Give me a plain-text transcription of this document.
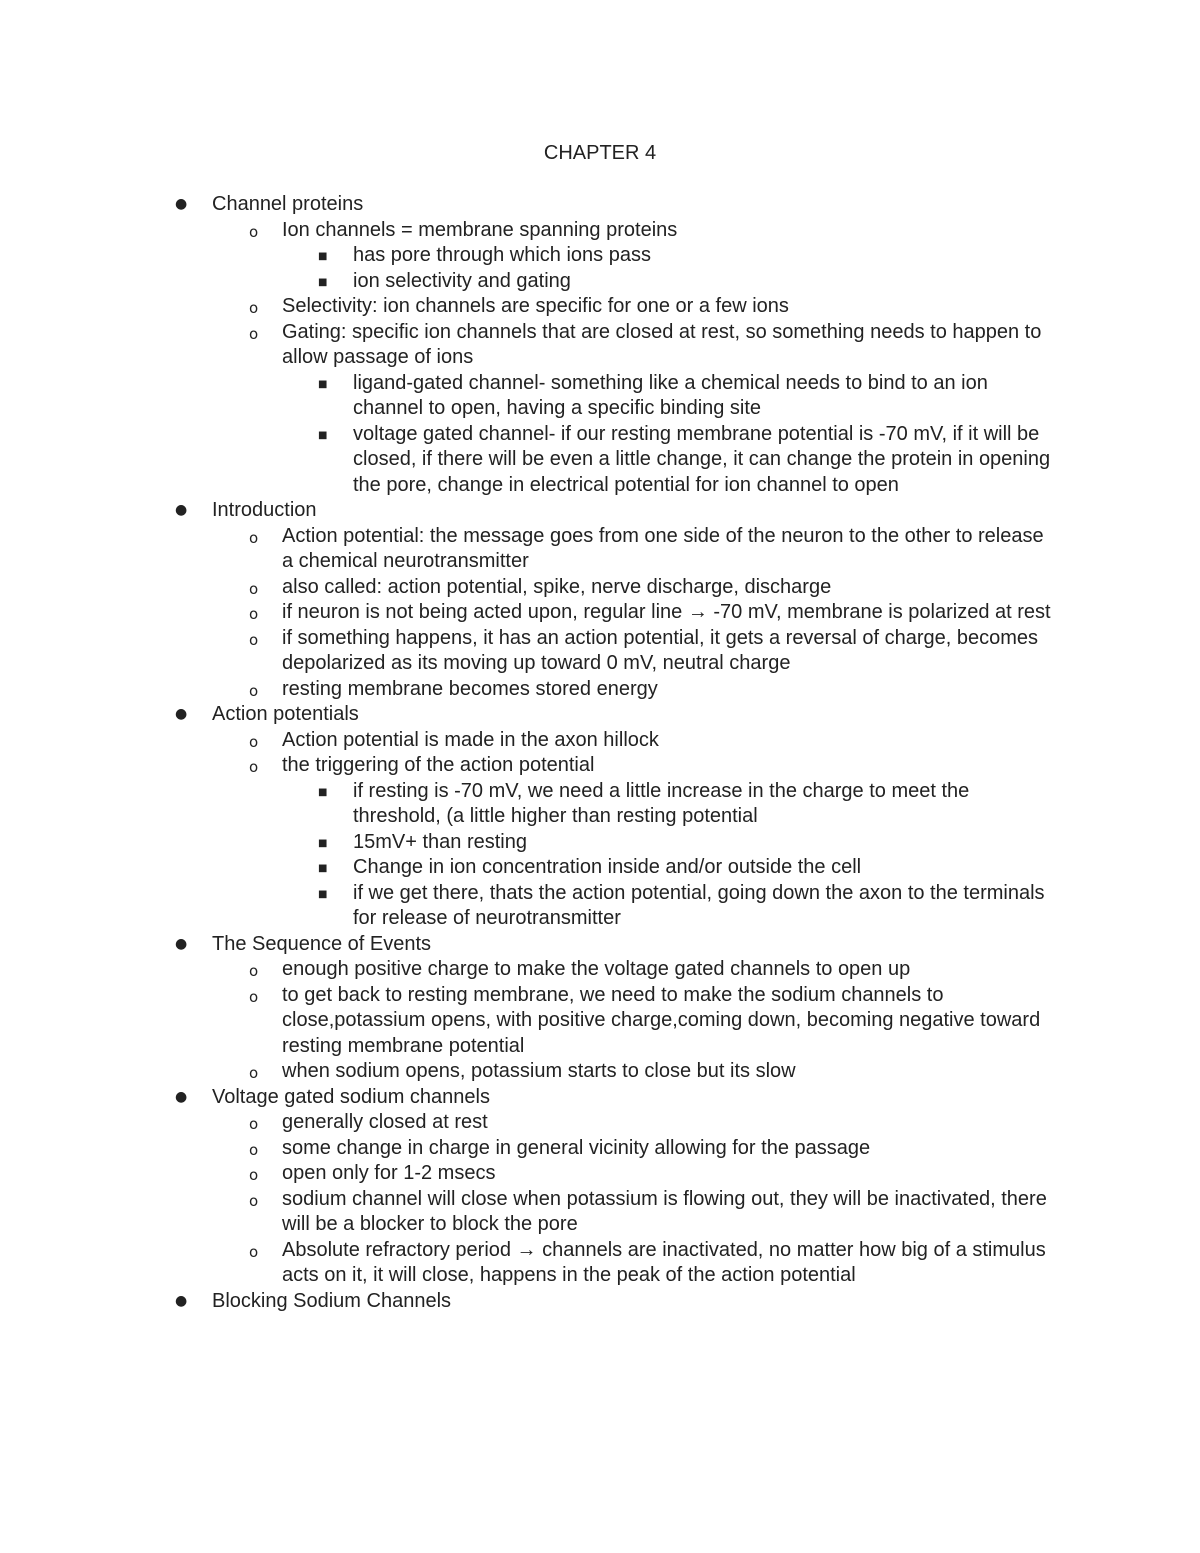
CHAPTER 4
● Channel proteins
o Ion channels = membrane spanning proteins
■ has pore through which ions pass
■ ion selectivity and gating
o Selectivity: ion channels are specific for one or a few ions
o Gating: specific ion channels that are closed at rest, so something needs to happen to allow passage of ions
■ ligand-gated channel- something like a chemical needs to bind to an ion channel to open, having a specific binding site
■ voltage gated channel- if our resting membrane potential is -70 mV, if it will be closed, if there will be even a little change, it can change the protein in opening the pore, change in electrical potential for ion channel to open
● Introduction
o Action potential: the message goes from one side of the neuron to the other to release a chemical neurotransmitter
o also called: action potential, spike, nerve discharge, discharge
o if neuron is not being acted upon, regular line → -70 mV, membrane is polarized at rest
o if something happens, it has an action potential, it gets a reversal of charge, becomes depolarized as its moving up toward 0 mV, neutral charge
o resting membrane becomes stored energy
● Action potentials
o Action potential is made in the axon hillock
o the triggering of the action potential
■ if resting is -70 mV, we need a little increase in the charge to meet the threshold, (a little higher than resting potential
■ 15mV+ than resting
■ Change in ion concentration inside and/or outside the cell
■ if we get there, thats the action potential, going down the axon to the terminals for release of neurotransmitter
● The Sequence of Events
o enough positive charge to make the voltage gated channels to open up
o to get back to resting membrane, we need to make the sodium channels to close,potassium opens, with positive charge,coming down, becoming negative toward resting membrane potential
o when sodium opens, potassium starts to close but its slow
● Voltage gated sodium channels
o generally closed at rest
o some change in charge in general vicinity allowing for the passage
o open only for 1-2 msecs
o sodium channel will close when potassium is flowing out, they will be inactivated, there will be a blocker to block the pore
o Absolute refractory period → channels are inactivated, no matter how big of a stimulus acts on it, it will close, happens in the peak of the action potential
● Blocking Sodium Channels
